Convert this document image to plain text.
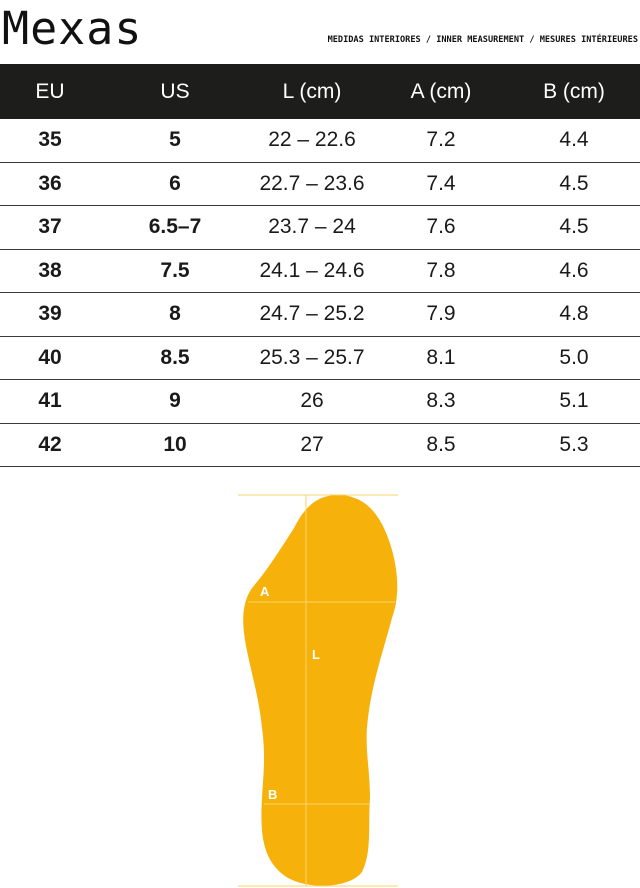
Mexas	MEDIDAS INTERIORES / INNER MEASUREMENT / MESURES INTÉRIEURES
EU	US	L (cm)	A (cm)	B (cm)
35	5	22 – 22.6	7.2	4.4
36	6	22.7 – 23.6	7.4	4.5
37	6.5–7	23.7 – 24	7.6	4.5
38	7.5	24.1 – 24.6	7.8	4.6
39	8	24.7 – 25.2	7.9	4.8
40	8.5	25.3 – 25.7	8.1	5.0
41	9	26	8.3	5.1
42	10	27	8.5	5.3
A
L
B
